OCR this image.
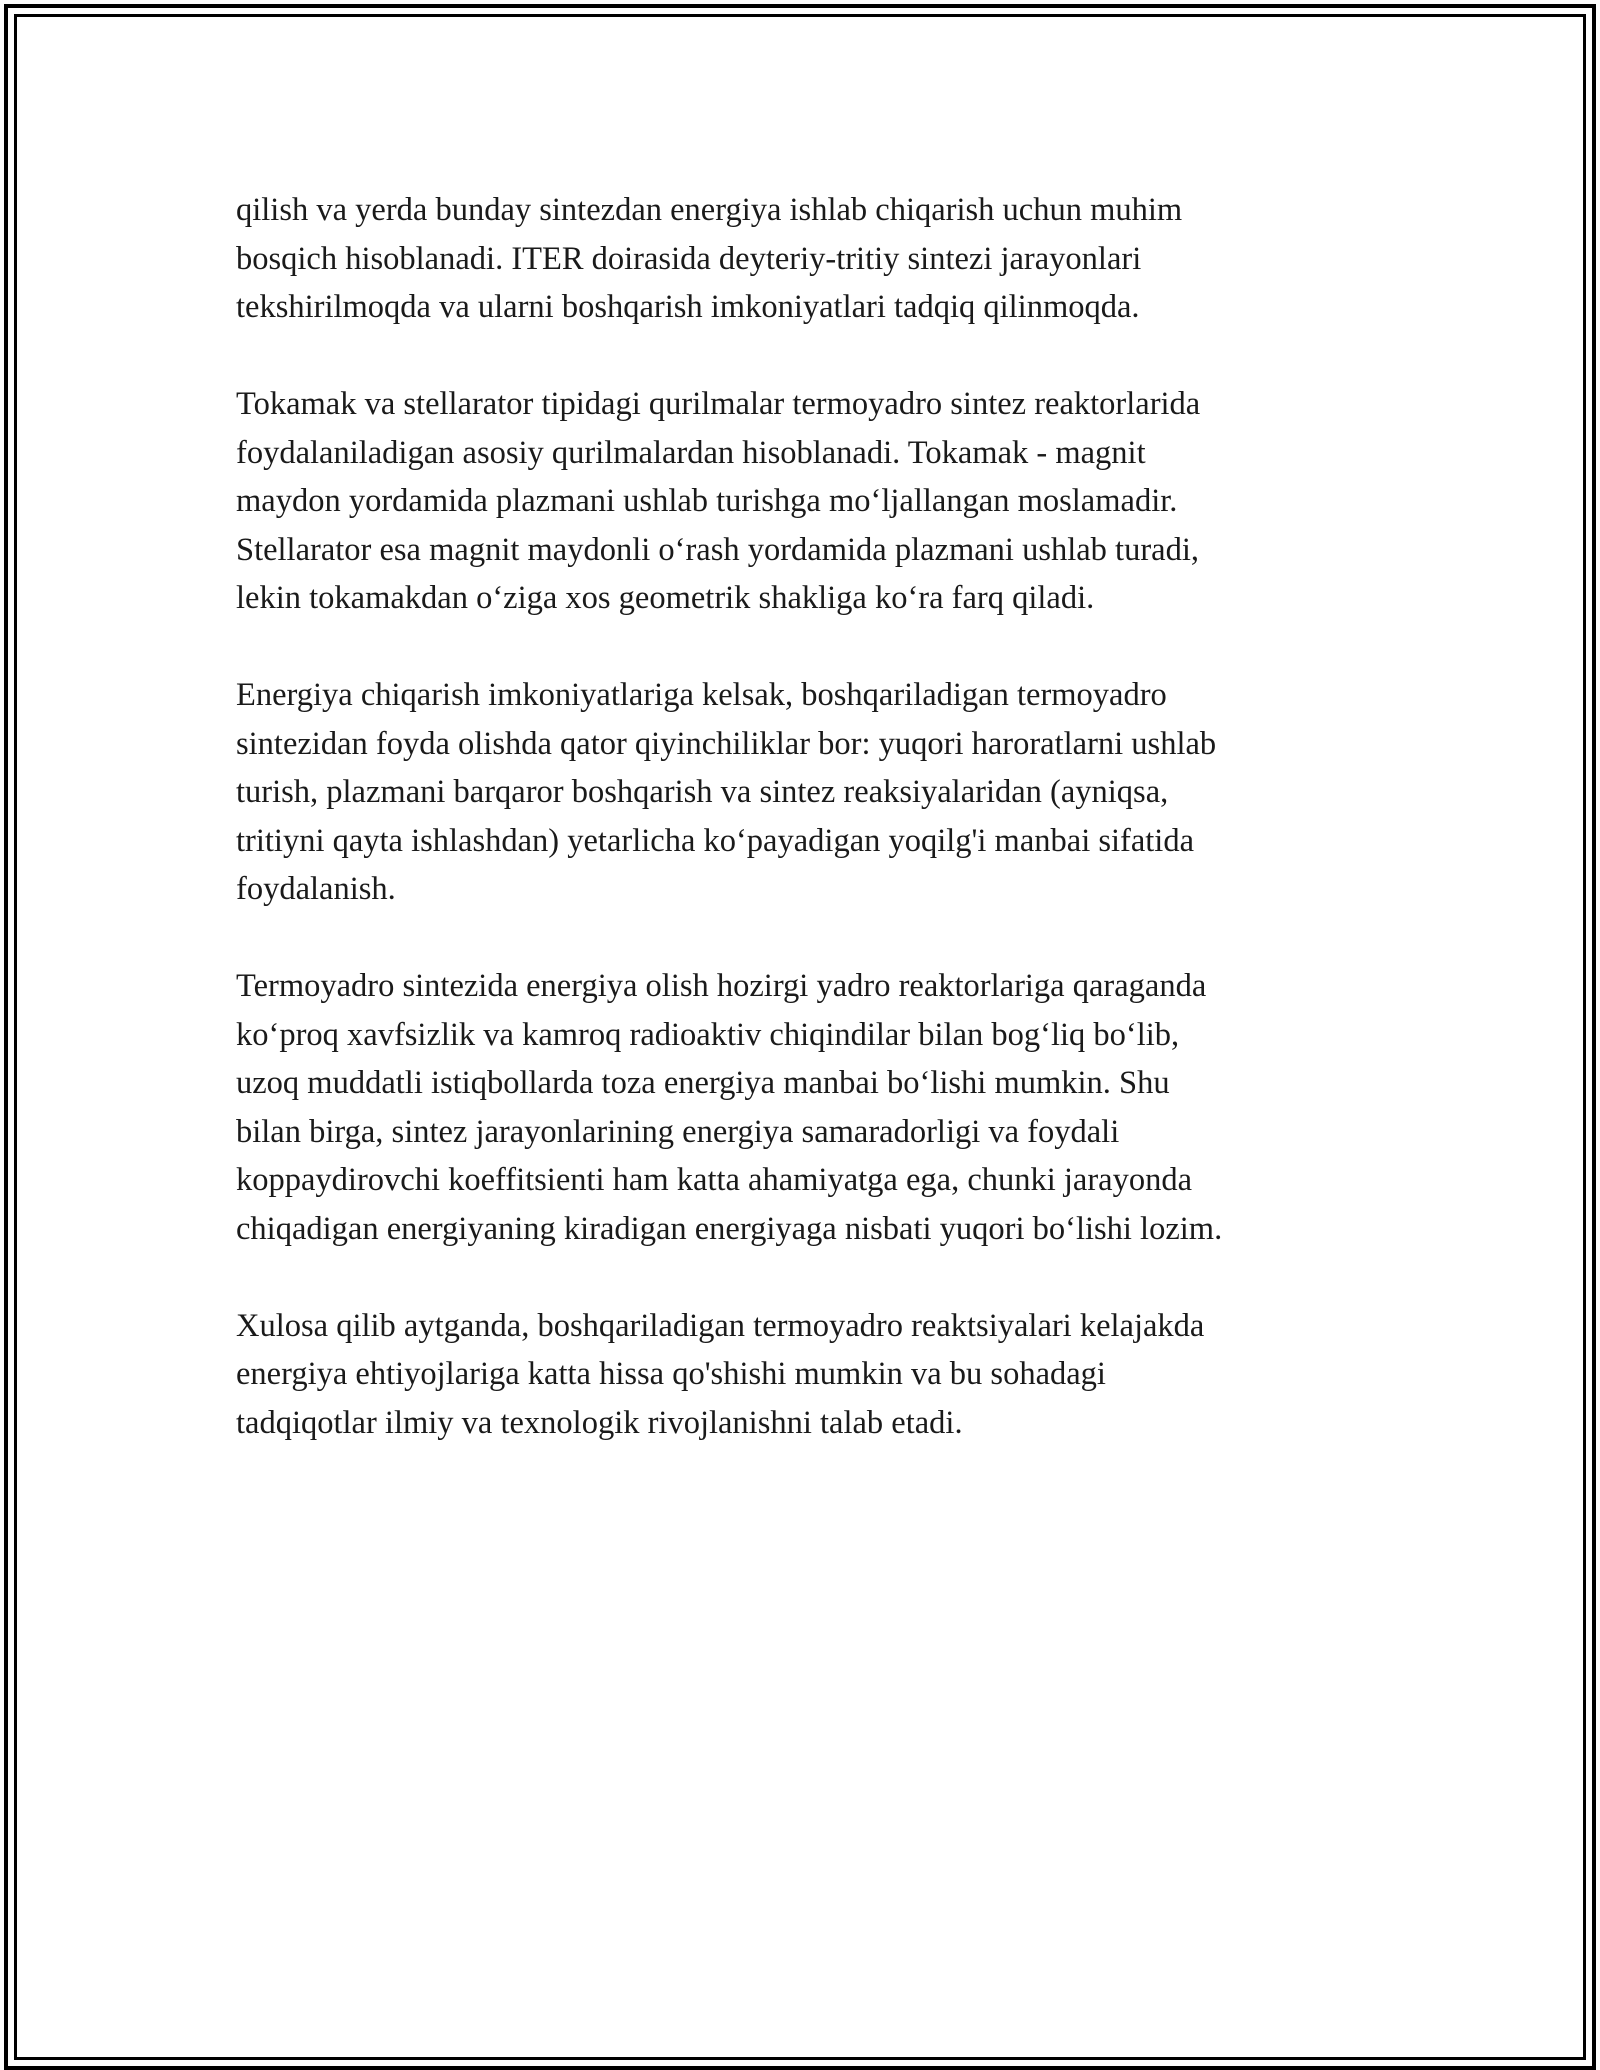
qilish va yerda bunday sintezdan energiya ishlab chiqarish uchun muhim
bosqich hisoblanadi. ITER doirasida deyteriy-tritiy sintezi jarayonlari
tekshirilmoqda va ularni boshqarish imkoniyatlari tadqiq qilinmoqda.

Tokamak va stellarator tipidagi qurilmalar termoyadro sintez reaktorlarida
foydalaniladigan asosiy qurilmalardan hisoblanadi. Tokamak - magnit
maydon yordamida plazmani ushlab turishga mo‘ljallangan moslamadir.
Stellarator esa magnit maydonli o‘rash yordamida plazmani ushlab turadi,
lekin tokamakdan o‘ziga xos geometrik shakliga ko‘ra farq qiladi.

Energiya chiqarish imkoniyatlariga kelsak, boshqariladigan termoyadro
sintezidan foyda olishda qator qiyinchiliklar bor: yuqori haroratlarni ushlab
turish, plazmani barqaror boshqarish va sintez reaksiyalaridan (ayniqsa,
tritiyni qayta ishlashdan) yetarlicha ko‘payadigan yoqilg'i manbai sifatida
foydalanish.

Termoyadro sintezida energiya olish hozirgi yadro reaktorlariga qaraganda
ko‘proq xavfsizlik va kamroq radioaktiv chiqindilar bilan bog‘liq bo‘lib,
uzoq muddatli istiqbollarda toza energiya manbai bo‘lishi mumkin. Shu
bilan birga, sintez jarayonlarining energiya samaradorligi va foydali
koppaydirovchi koeffitsienti ham katta ahamiyatga ega, chunki jarayonda
chiqadigan energiyaning kiradigan energiyaga nisbati yuqori bo‘lishi lozim.

Xulosa qilib aytganda, boshqariladigan termoyadro reaktsiyalari kelajakda
energiya ehtiyojlariga katta hissa qo'shishi mumkin va bu sohadagi
tadqiqotlar ilmiy va texnologik rivojlanishni talab etadi.
